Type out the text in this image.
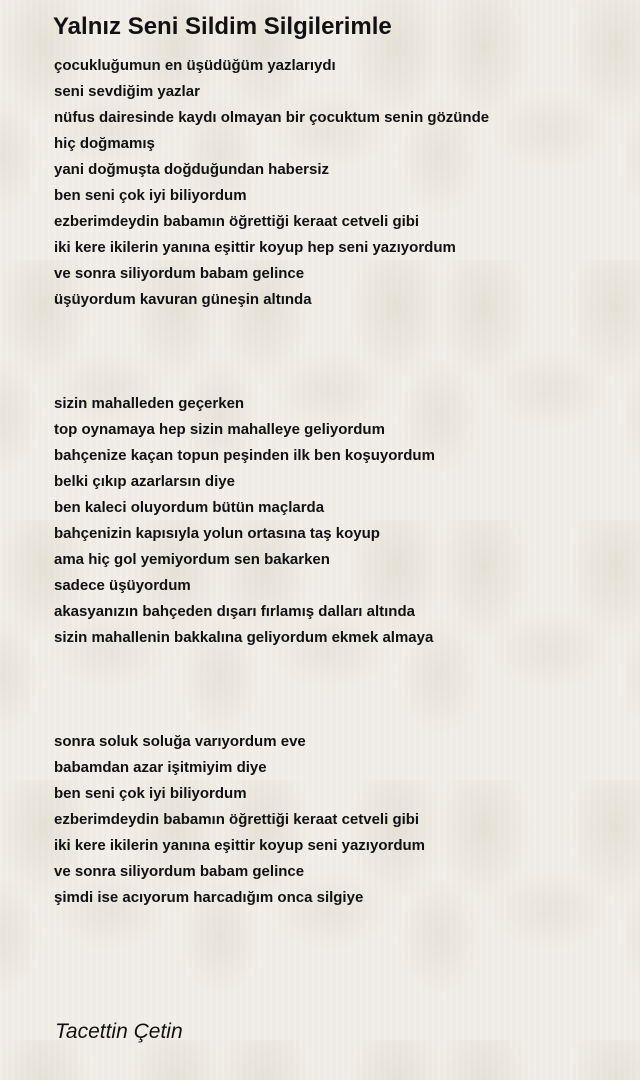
Yalnız Seni Sildim Silgilerimle
çocukluğumun en üşüdüğüm yazlarıydı
seni sevdiğim yazlar
nüfus dairesinde kaydı olmayan bir çocuktum senin gözünde
hiç doğmamış
yani doğmuşta doğduğundan habersiz
ben seni çok iyi biliyordum
ezberimdeydin babamın öğrettiği keraat cetveli gibi
iki kere ikilerin yanına eşittir koyup hep seni yazıyordum
ve sonra siliyordum babam gelince
üşüyordum kavuran güneşin altında
sizin mahalleden geçerken
top oynamaya hep sizin mahalleye geliyordum
bahçenize kaçan topun peşinden ilk ben koşuyordum
belki çıkıp azarlarsın diye
ben kaleci oluyordum bütün maçlarda
bahçenizin kapısıyla yolun ortasına taş koyup
ama hiç gol yemiyordum sen bakarken
sadece üşüyordum
akasyanızın bahçeden dışarı fırlamış dalları altında
sizin mahallenin bakkalına geliyordum ekmek almaya
sonra soluk soluğa varıyordum eve
babamdan azar işitmiyim diye
ben seni çok iyi biliyordum
ezberimdeydin babamın öğrettiği keraat cetveli gibi
iki kere ikilerin yanına eşittir koyup seni yazıyordum
ve sonra siliyordum babam gelince
şimdi ise acıyorum harcadığım onca silgiye
Tacettin Çetin
